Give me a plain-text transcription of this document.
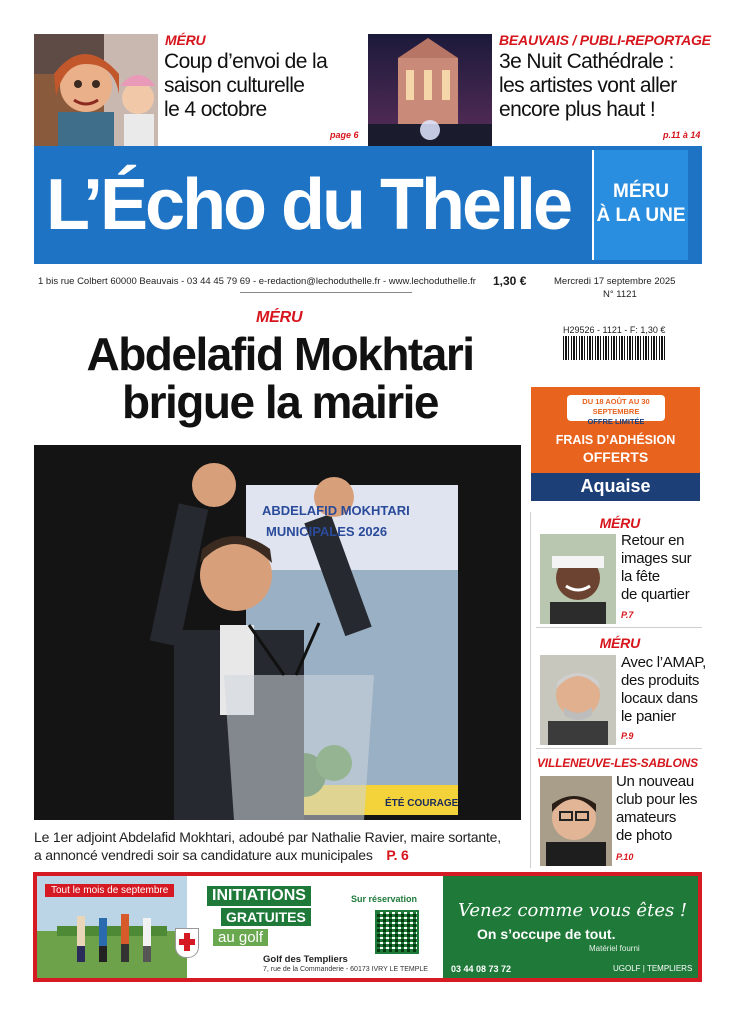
MÉRU
Coup d’envoi de la
saison culturelle
le 4 octobre
page 6
BEAUVAIS / PUBLI-REPORTAGE
3e Nuit Cathédrale :
les artistes vont aller
encore plus haut !
p.11 à 14
L’Écho du Thelle	MÉRU
À LA UNE
1 bis rue Colbert 60000 Beauvais - 03 44 45 79 69 - e-redaction@lechoduthelle.fr - www.lechoduthelle.fr 1,30 €	Mercredi 17 septembre 2025
N° 1121
H29526 - 1121 - F: 1,30 €
MÉRU
Abdelafid Mokhtari
brigue la mairie
ABDELAFID MOKHTARI
MUNICIPALES 2026
ÉTÉ COURAGE
Le 1er adjoint Abdelafid Mokhtari, adoubé par Nathalie Ravier, maire sortante, a annoncé vendredi soir sa candidature aux municipales P. 6
DU 18 AOÛT AU 30 SEPTEMBRE
OFFRE LIMITÉE
FRAIS D’ADHÉSION
OFFERTS
Aquaise
MÉRU
Retour en
images sur
la fête
de quartier
P.7
MÉRU
Avec l’AMAP,
des produits
locaux dans
le panier
P.9
VILLENEUVE-LES-SABLONS
Un nouveau
club pour les
amateurs
de photo
P.10
Tout le mois de septembre	INITIATIONS
GRATUITES
au golf
Golf des Templiers
7, rue de la Commanderie - 60173 IVRY LE TEMPLE
Sur réservation
Venez comme vous êtes !
On s’occupe de tout.
Matériel fourni
03 44 08 73 72	UGOLF | TEMPLIERS
